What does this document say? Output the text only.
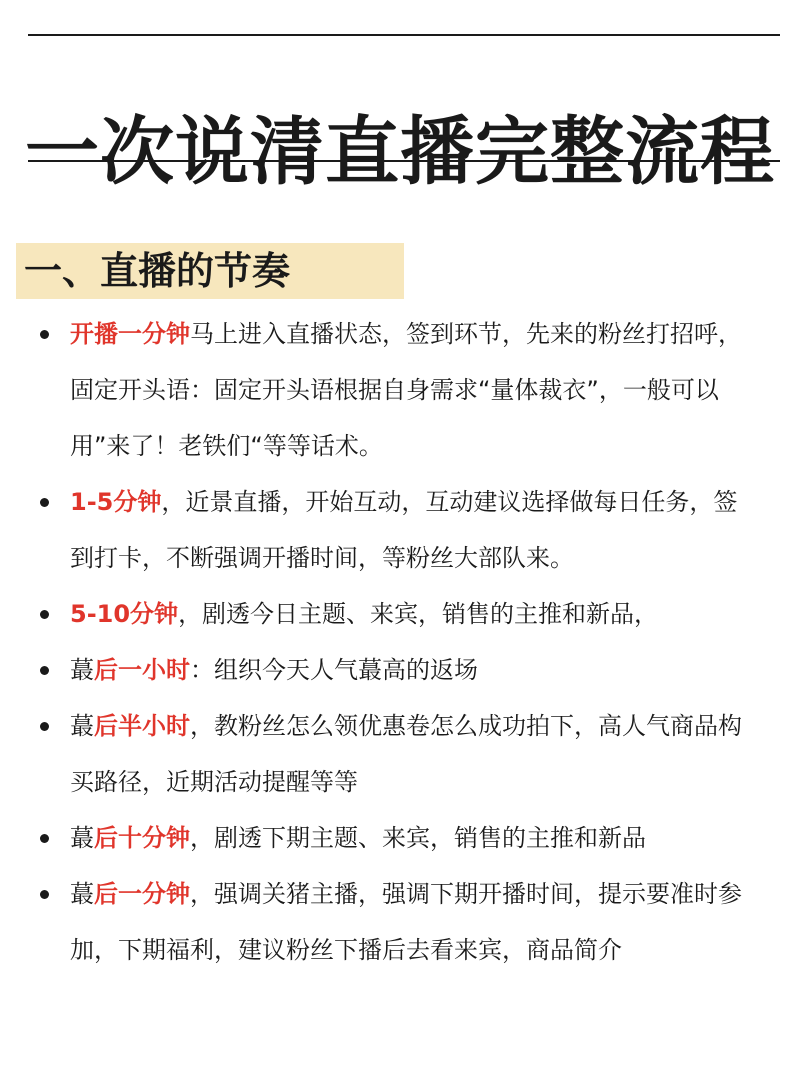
一次说清直播完整流程
一、直播的节奏
开播一分钟马上进入直播状态，签到环节，先来的粉丝打招呼，固定开头语：固定开头语根据自身需求“量体裁衣”，一般可以用”来了！老铁们“等等话术。
1-5分钟，近景直播，开始互动，互动建议选择做每日任务，签到打卡，不断强调开播时间，等粉丝大部队来。
5-10分钟，剧透今日主题、来宾，销售的主推和新品，
蕞后一小时：组织今天人气蕞高的返场
蕞后半小时，教粉丝怎么领优惠卷怎么成功拍下，高人气商品构买路径，近期活动提醒等等
蕞后十分钟，剧透下期主题、来宾，销售的主推和新品
蕞后一分钟，强调关猪主播，强调下期开播时间，提示要准时参加，下期福利，建议粉丝下播后去看来宾，商品简介
